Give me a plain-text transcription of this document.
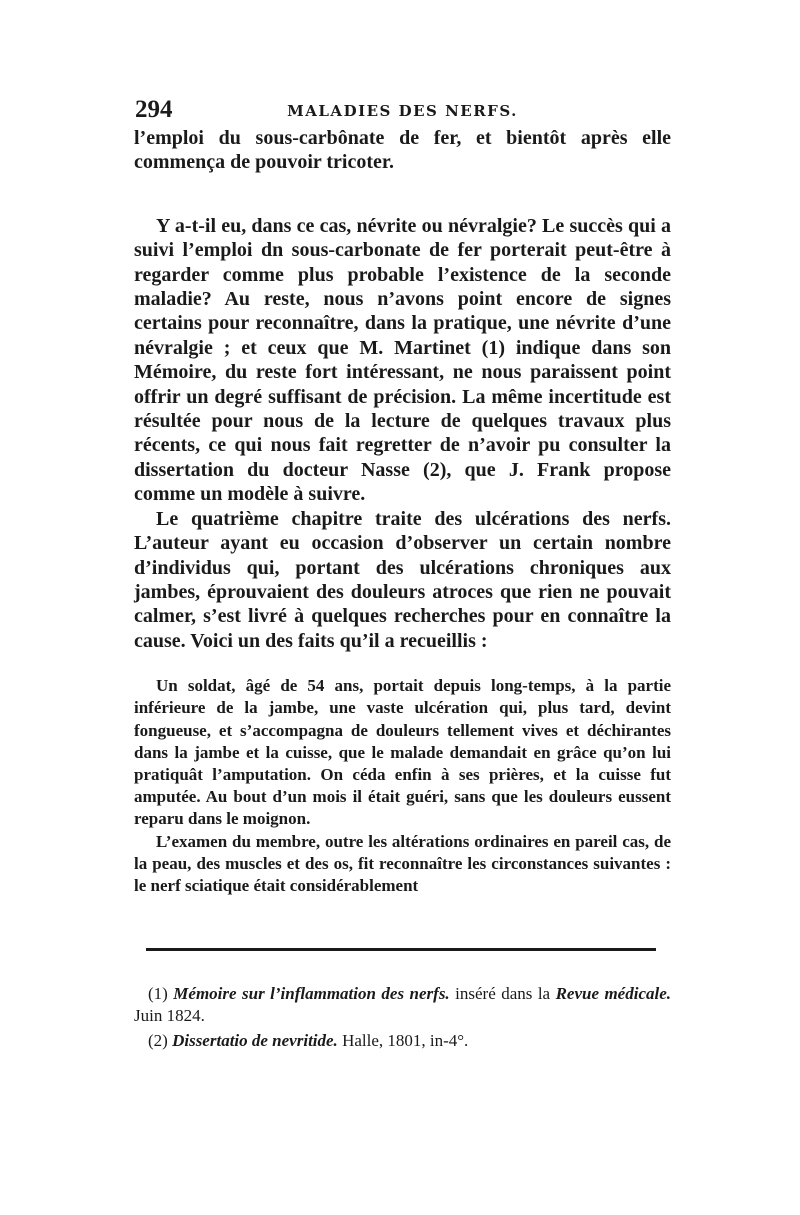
294	MALADIES DES NERFS.

l’emploi du sous-carbônate de fer, et bientôt après elle commença de pouvoir tricoter.

Y a-t-il eu, dans ce cas, névrite ou névralgie? Le succès qui a suivi l’emploi dn sous-carbonate de fer porterait peut-être à regarder comme plus probable l’existence de la seconde maladie? Au reste, nous n’avons point encore de signes certains pour reconnaître, dans la pratique, une névrite d’une névralgie ; et ceux que M. Martinet (1) indique dans son Mémoire, du reste fort intéressant, ne nous paraissent point offrir un degré suffisant de précision. La même incertitude est résultée pour nous de la lecture de quelques travaux plus récents, ce qui nous fait regretter de n’avoir pu consulter la dissertation du docteur Nasse (2), que J. Frank propose comme un modèle à suivre.

Le quatrième chapitre traite des ulcérations des nerfs. L’auteur ayant eu occasion d’observer un certain nombre d’individus qui, portant des ulcérations chroniques aux jambes, éprouvaient des douleurs atroces que rien ne pouvait calmer, s’est livré à quelques recherches pour en connaître la cause. Voici un des faits qu’il a recueillis :

Un soldat, âgé de 54 ans, portait depuis long-temps, à la partie inférieure de la jambe, une vaste ulcération qui, plus tard, devint fongueuse, et s’accompagna de douleurs tellement vives et déchirantes dans la jambe et la cuisse, que le malade demandait en grâce qu’on lui pratiquât l’amputation. On céda enfin à ses prières, et la cuisse fut amputée. Au bout d’un mois il était guéri, sans que les douleurs eussent reparu dans le moignon.

L’examen du membre, outre les altérations ordinaires en pareil cas, de la peau, des muscles et des os, fit reconnaître les circonstances suivantes : le nerf sciatique était considérablement

(1) Mémoire sur l’inflammation des nerfs. inséré dans la Revue médicale. Juin 1824.

(2) Dissertatio de nevritide. Halle, 1801, in-4°.
